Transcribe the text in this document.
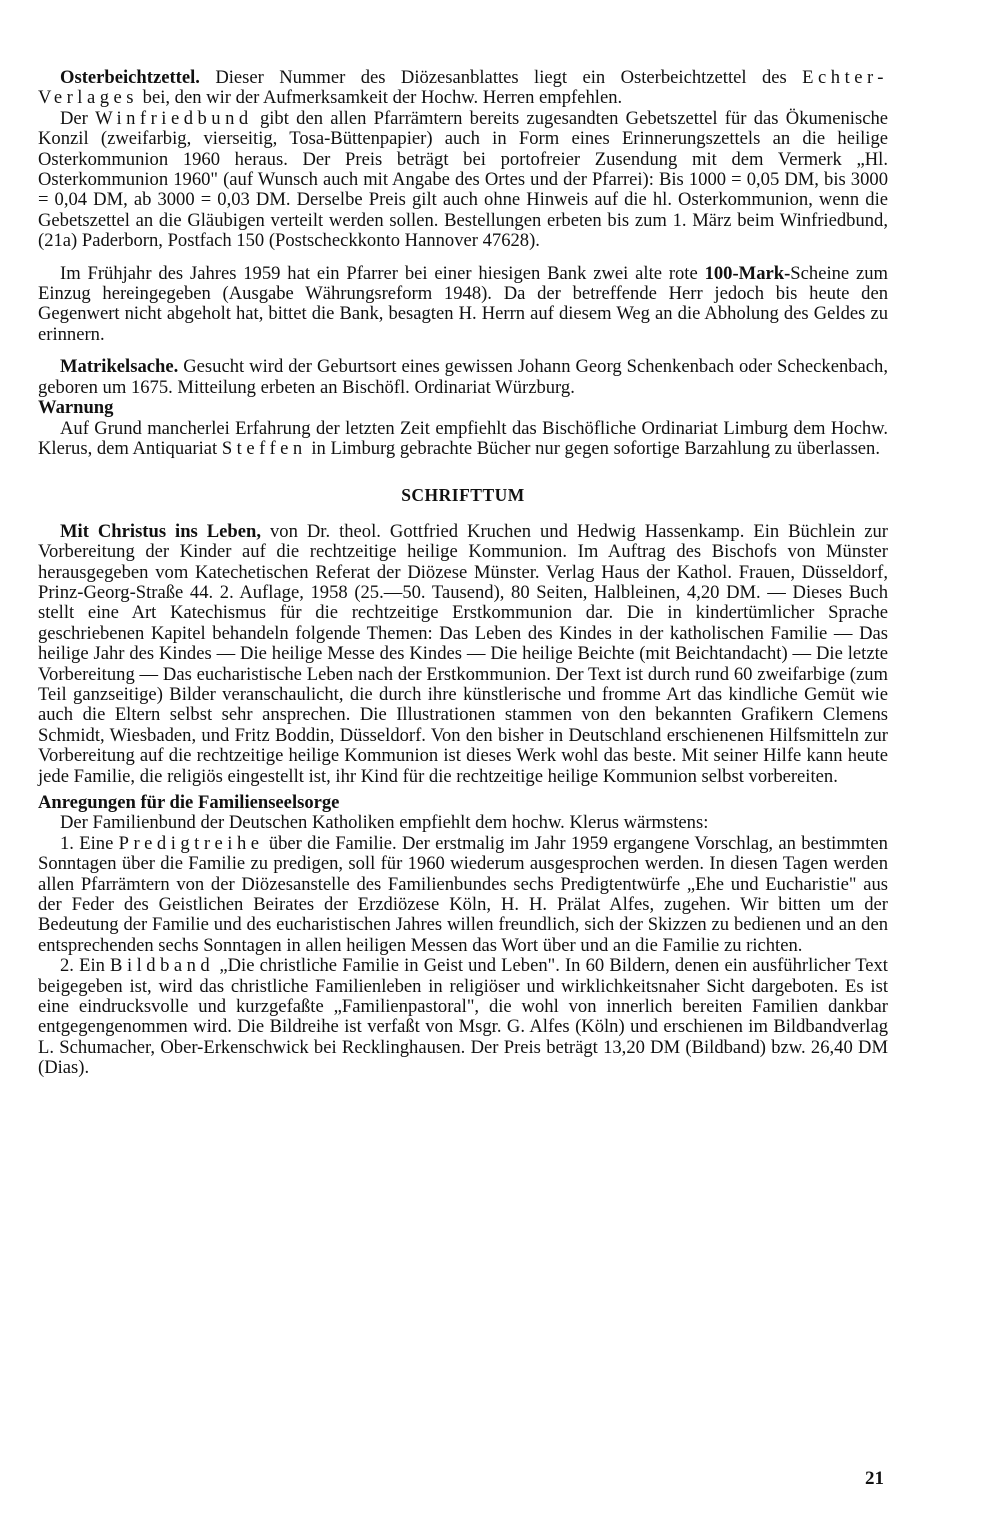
Osterbeichtzettel. Dieser Nummer des Diözesanblattes liegt ein Osterbeichtzettel des Echter-Verlages bei, den wir der Aufmerksamkeit der Hochw. Herren empfehlen.

Der Winfriedbund gibt den allen Pfarrämtern bereits zugesandten Gebetszettel für das Ökumenische Konzil (zweifarbig, vierseitig, Tosa-Büttenpapier) auch in Form eines Erinnerungszettels an die heilige Osterkommunion 1960 heraus. Der Preis beträgt bei portofreier Zusendung mit dem Vermerk „Hl. Osterkommunion 1960" (auf Wunsch auch mit Angabe des Ortes und der Pfarrei): Bis 1000 = 0,05 DM, bis 3000 = 0,04 DM, ab 3000 = 0,03 DM. Derselbe Preis gilt auch ohne Hinweis auf die hl. Osterkommunion, wenn die Gebetszettel an die Gläubigen verteilt werden sollen. Bestellungen erbeten bis zum 1. März beim Winfriedbund, (21a) Paderborn, Postfach 150 (Postscheckkonto Hannover 47628).

Im Frühjahr des Jahres 1959 hat ein Pfarrer bei einer hiesigen Bank zwei alte rote 100-Mark-Scheine zum Einzug hereingegeben (Ausgabe Währungsreform 1948). Da der betreffende Herr jedoch bis heute den Gegenwert nicht abgeholt hat, bittet die Bank, besagten H. Herrn auf diesem Weg an die Abholung des Geldes zu erinnern.

Matrikelsache. Gesucht wird der Geburtsort eines gewissen Johann Georg Schenkenbach oder Scheckenbach, geboren um 1675. Mitteilung erbeten an Bischöfl. Ordinariat Würzburg.

Warnung

Auf Grund mancherlei Erfahrung der letzten Zeit empfiehlt das Bischöfliche Ordinariat Limburg dem Hochw. Klerus, dem Antiquariat Steffen in Limburg gebrachte Bücher nur gegen sofortige Barzahlung zu überlassen.

SCHRIFTTUM

Mit Christus ins Leben, von Dr. theol. Gottfried Kruchen und Hedwig Hassenkamp. Ein Büchlein zur Vorbereitung der Kinder auf die rechtzeitige heilige Kommunion. Im Auftrag des Bischofs von Münster herausgegeben vom Katechetischen Referat der Diözese Münster. Verlag Haus der Kathol. Frauen, Düsseldorf, Prinz-Georg-Straße 44. 2. Auflage, 1958 (25.—50. Tausend), 80 Seiten, Halbleinen, 4,20 DM. — Dieses Buch stellt eine Art Katechismus für die rechtzeitige Erstkommunion dar. Die in kindertümlicher Sprache geschriebenen Kapitel behandeln folgende Themen: Das Leben des Kindes in der katholischen Familie — Das heilige Jahr des Kindes — Die heilige Messe des Kindes — Die heilige Beichte (mit Beichtandacht) — Die letzte Vorbereitung — Das eucharistische Leben nach der Erstkommunion. Der Text ist durch rund 60 zweifarbige (zum Teil ganzseitige) Bilder veranschaulicht, die durch ihre künstlerische und fromme Art das kindliche Gemüt wie auch die Eltern selbst sehr ansprechen. Die Illustrationen stammen von den bekannten Grafikern Clemens Schmidt, Wiesbaden, und Fritz Boddin, Düsseldorf. Von den bisher in Deutschland erschienenen Hilfsmitteln zur Vorbereitung auf die rechtzeitige heilige Kommunion ist dieses Werk wohl das beste. Mit seiner Hilfe kann heute jede Familie, die religiös eingestellt ist, ihr Kind für die rechtzeitige heilige Kommunion selbst vorbereiten.

Anregungen für die Familienseelsorge

Der Familienbund der Deutschen Katholiken empfiehlt dem hochw. Klerus wärmstens:

1. Eine Predigtreihe über die Familie. Der erstmalig im Jahr 1959 ergangene Vorschlag, an bestimmten Sonntagen über die Familie zu predigen, soll für 1960 wiederum ausgesprochen werden. In diesen Tagen werden allen Pfarrämtern von der Diözesanstelle des Familienbundes sechs Predigtentwürfe „Ehe und Eucharistie" aus der Feder des Geistlichen Beirates der Erzdiözese Köln, H. H. Prälat Alfes, zugehen. Wir bitten um der Bedeutung der Familie und des eucharistischen Jahres willen freundlich, sich der Skizzen zu bedienen und an den entsprechenden sechs Sonntagen in allen heiligen Messen das Wort über und an die Familie zu richten.

2. Ein Bildband „Die christliche Familie in Geist und Leben". In 60 Bildern, denen ein ausführlicher Text beigegeben ist, wird das christliche Familienleben in religiöser und wirklichkeitsnaher Sicht dargeboten. Es ist eine eindrucksvolle und kurzgefaßte „Familienpastoral", die wohl von innerlich bereiten Familien dankbar entgegengenommen wird. Die Bildreihe ist verfaßt von Msgr. G. Alfes (Köln) und erschienen im Bildbandverlag L. Schumacher, Ober-Erkenschwick bei Recklinghausen. Der Preis beträgt 13,20 DM (Bildband) bzw. 26,40 DM (Dias).

21
